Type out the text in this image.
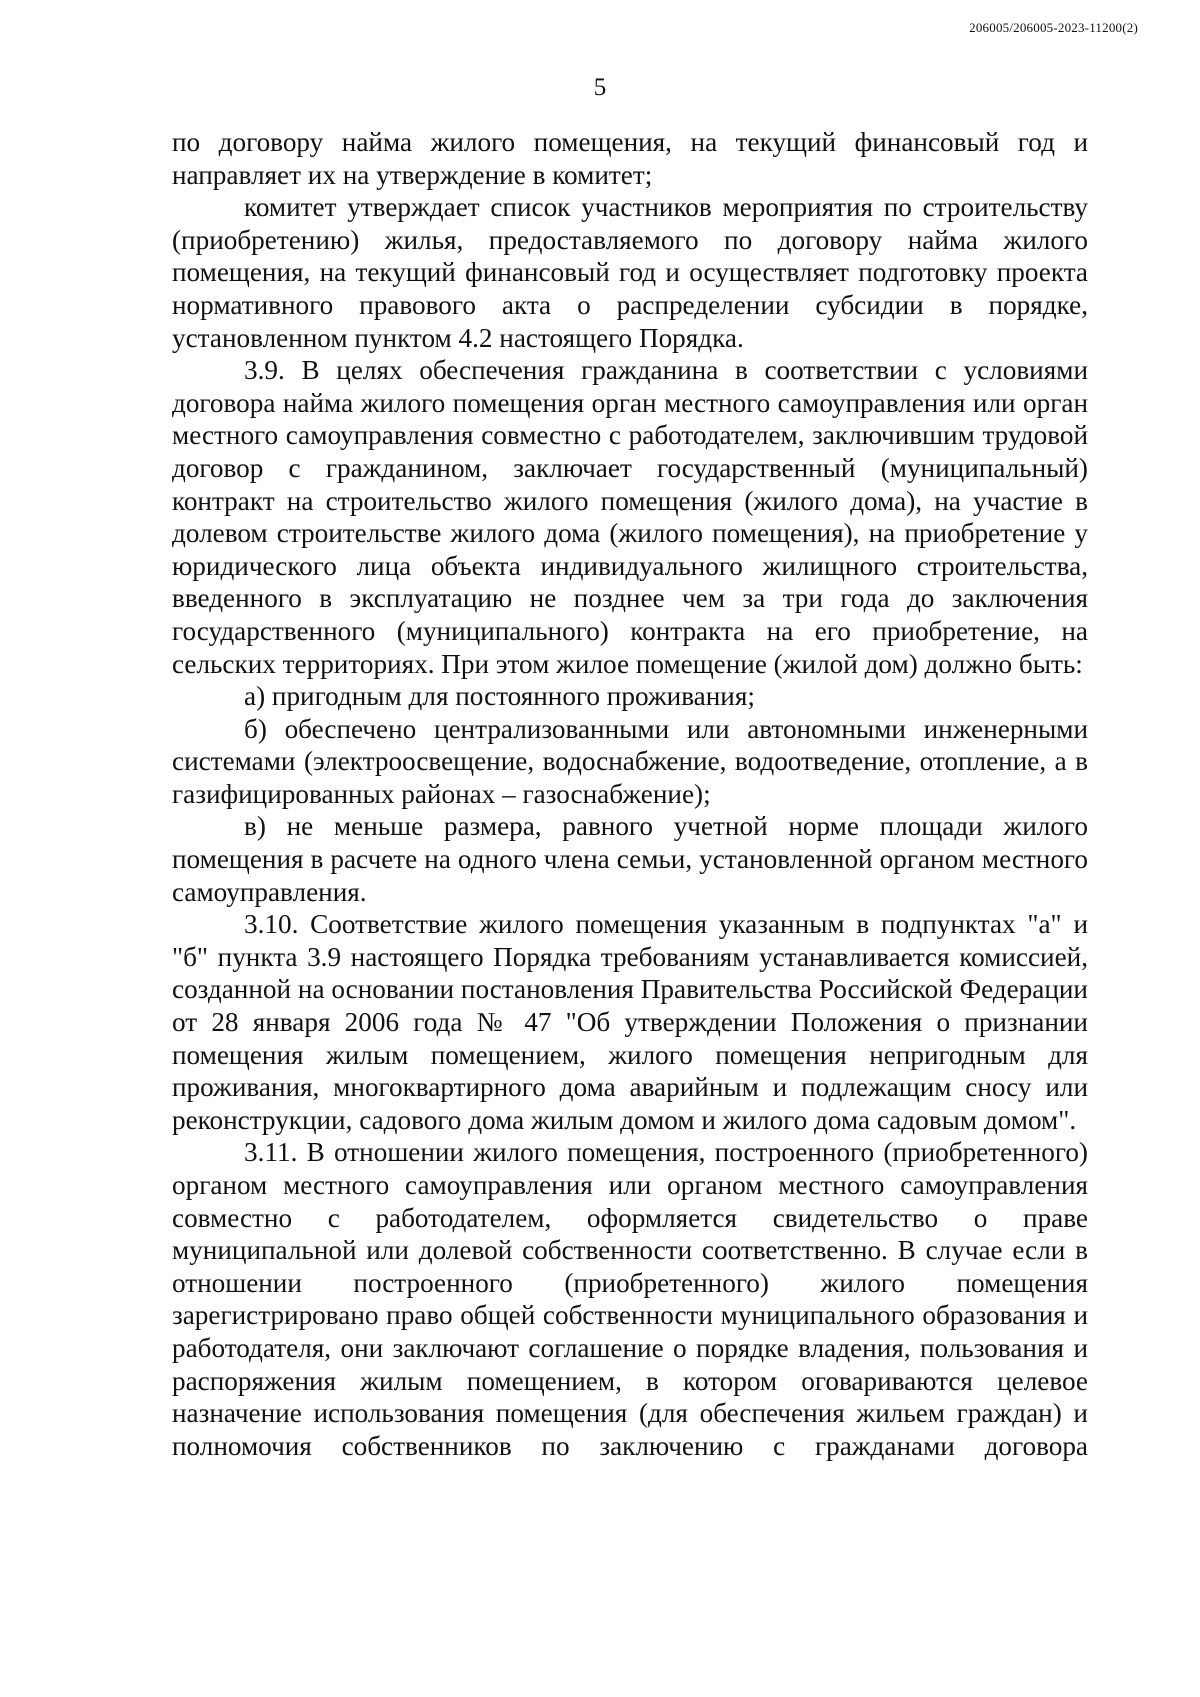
206005/206005-2023-11200(2)
5

по договору найма жилого помещения, на текущий финансовый год и направляет их на утверждение в комитет;

комитет утверждает список участников мероприятия по строительству (приобретению) жилья, предоставляемого по договору найма жилого помещения, на текущий финансовый год и осуществляет подготовку проекта нормативного правового акта о распределении субсидии в порядке, установленном пунктом 4.2 настоящего Порядка.

3.9. В целях обеспечения гражданина в соответствии с условиями договора найма жилого помещения орган местного самоуправления или орган местного самоуправления совместно с работодателем, заключившим трудовой договор с гражданином, заключает государственный (муниципальный) контракт на строительство жилого помещения (жилого дома), на участие в долевом строительстве жилого дома (жилого помещения), на приобретение у юридического лица объекта индивидуального жилищного строительства, введенного в эксплуатацию не позднее чем за три года до заключения государственного (муниципального) контракта на его приобретение, на сельских территориях. При этом жилое помещение (жилой дом) должно быть:

а) пригодным для постоянного проживания;

б) обеспечено централизованными или автономными инженерными системами (электроосвещение, водоснабжение, водоотведение, отопление, а в газифицированных районах – газоснабжение);

в) не меньше размера, равного учетной норме площади жилого помещения в расчете на одного члена семьи, установленной органом местного самоуправления.

3.10. Соответствие жилого помещения указанным в подпунктах "а" и "б" пункта 3.9 настоящего Порядка требованиям устанавливается комиссией, созданной на основании постановления Правительства Российской Федерации от 28 января 2006 года № 47 "Об утверждении Положения о признании помещения жилым помещением, жилого помещения непригодным для проживания, многоквартирного дома аварийным и подлежащим сносу или реконструкции, садового дома жилым домом и жилого дома садовым домом".

3.11. В отношении жилого помещения, построенного (приобретенного) органом местного самоуправления или органом местного самоуправления совместно с работодателем, оформляется свидетельство о праве муниципальной или долевой собственности соответственно. В случае если в отношении построенного (приобретенного) жилого помещения зарегистрировано право общей собственности муниципального образования и работодателя, они заключают соглашение о порядке владения, пользования и распоряжения жилым помещением, в котором оговариваются целевое назначение использования помещения (для обеспечения жильем граждан) и полномочия собственников по заключению с гражданами договора
